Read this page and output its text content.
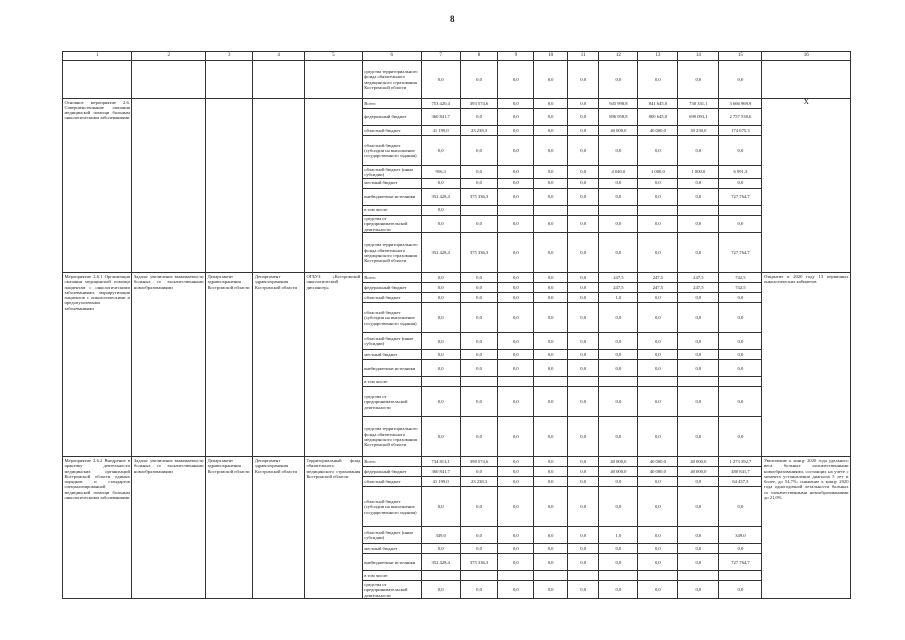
8
1	2	3	4	5	6	7	8	9	10	11	12	13	14	15	16
					средства территориального фонда обязательного медицинского страхования Костромской области	0,0	0,0	0,0	0,0	0,0	0,0	0,0	0,0	0,0	
Основное мероприятие 2.6. Совершенствование оказания медицинской помощи больным онкологическими заболеваниями					Всего	753 420,4	393 574,6	0,0	0,0	0,0	945 998,8	841 645,0	730 331,1	3 666 969,9	Х
					федеральный бюджет	360 841,7	0,0	0,0	0,0	0,0	896 958,8	800 645,0	699 093,1	2 757 538,6	
					областной бюджет	41 199,0	23 238,3	0,0	0,0	0,0	40 000,0	40 000,0	30 230,0	174 675,3	
					областной бюджет (субсидии на выполнение государственного задания)	0,0	0,0	0,0	0,0	0,0	0,0	0,0	0,0	0,0	
					областной бюджет (иные субсидии)	956,3	0,0	0,0	0,0	0,0	4 040,0	1 000,0	1 000,0	6 991,3	
					местный бюджет	0,0	0,0	0,0	0,0	0,0	0,0	0,0	0,0	0,0	
					внебюджетные источники	352 428,4	375 336,3	0,0	0,0	0,0	0,0	0,0	0,0	727 764,7	
					в том числе:	0,0									
					средства от предпринимательской деятельности	0,0	0,0	0,0	0,0	0,0	0,0	0,0	0,0	0,0	
					средства территориального фонда обязательного медицинского страхования Костромской области	352 428,4	375 336,3	0,0	0,0	0,0	0,0	0,0	0,0	727 764,7	
Мероприятие 2.6.1 Организация оказания медицинской помощи пациентам с онкологическими заболеваниями, маршрутизация пациентов с онкологическими и предопухолевыми заболеваниями	Задача: увеличение выживаемости больных со злокачественными новообразованиями	Департамент здравоохранения Костромской области	Департамент здравоохранения Костромской области	ОГБУЗ «Костромской онкологический диспансер»	Всего	0,0	0,0	0,0	0,0	0,0	247,5	247,5	247,5	742,5	Открытие в 2020 году 13 первичных онкологических кабинетов
					федеральный бюджет	0,0	0,0	0,0	0,0	0,0	247,5	247,5	247,5	742,5	
					областной бюджет	0,0	0,0	0,0	0,0	0,0	1,0	0,0	0,0	0,0	
					областной бюджет (субсидии на выполнение государственного задания)	0,0	0,0	0,0	0,0	0,0	0,0	0,0	0,0	0,0	
					областной бюджет (иные субсидии)	0,0	0,0	0,0	0,0	0,0	0,0	0,0	0,0	0,0	
					местный бюджет	0,0	0,0	0,0	0,0	0,0	0,0	0,0	0,0	0,0	
					внебюджетные источники	0,0	0,0	0,0	0,0	0,0	0,0	0,0	0,0	0,0	
					в том числе:										
					средства от предпринимательской деятельности	0,0	0,0	0,0	0,0	0,0	0,0	0,0	0,0	0,0	
					средства территориального фонда обязательного медицинского страхования Костромской области	0,0	0,0	0,0	0,0	0,0	0,0	0,0	0,0	0,0	
Мероприятие 2.6.2 Внедрение в практику деятельности медицинских организаций Костромской области единых порядков и стандартов специализированной медицинской помощи больным онкологическими заболеваниями	Задача: увеличение выживаемости больных со злокачественными новообразованиями	Департамент здравоохранения Костромской области	Департамент здравоохранения Костромской области	Территориальный фонд обязательного медицинского страхования Костромской области	Всего	734 813,1	398 574,6	0,0	0,0	0,0	40 000,0	40 000,0	40 000,0	1 273 392,7	Увеличение к концу 2020 года удельного веса больных злокачественными новообразованиями, состоящих на учете с момента установления диагноза 5 лет и более, до 54,7%; снижение к концу 2020 года одногодичной летальности больных со злокачественными новообразованиями до 21,0%
					федеральный бюджет	360 841,7	0,0	0,0	0,0	0,0	40 000,0	40 000,0	40 000,0	480 841,7	
					областной бюджет	41 199,0	23 238,3	0,0	0,0	0,0	0,0	0,0	0,0	64 437,3	
					областной бюджет (субсидии на выполнение государственного задания)	0,0	0,0	0,0	0,0	0,0	0,0	0,0	0,0	0,0	
					областной бюджет (иные субсидии)	349,0	0,0	0,0	0,0	0,0	1,0	0,0	0,0	349,0	
					местный бюджет	0,0	0,0	0,0	0,0	0,0	0,0	0,0	0,0	0,0	
					внебюджетные источники	352 428,4	375 336,3	0,0	0,0	0,0	0,0	0,0	0,0	727 764,7	
					в том числе:										
					средства от предпринимательской деятельности	0,0	0,0	0,0	0,0	0,0	0,0	0,0	0,0	0,0	
